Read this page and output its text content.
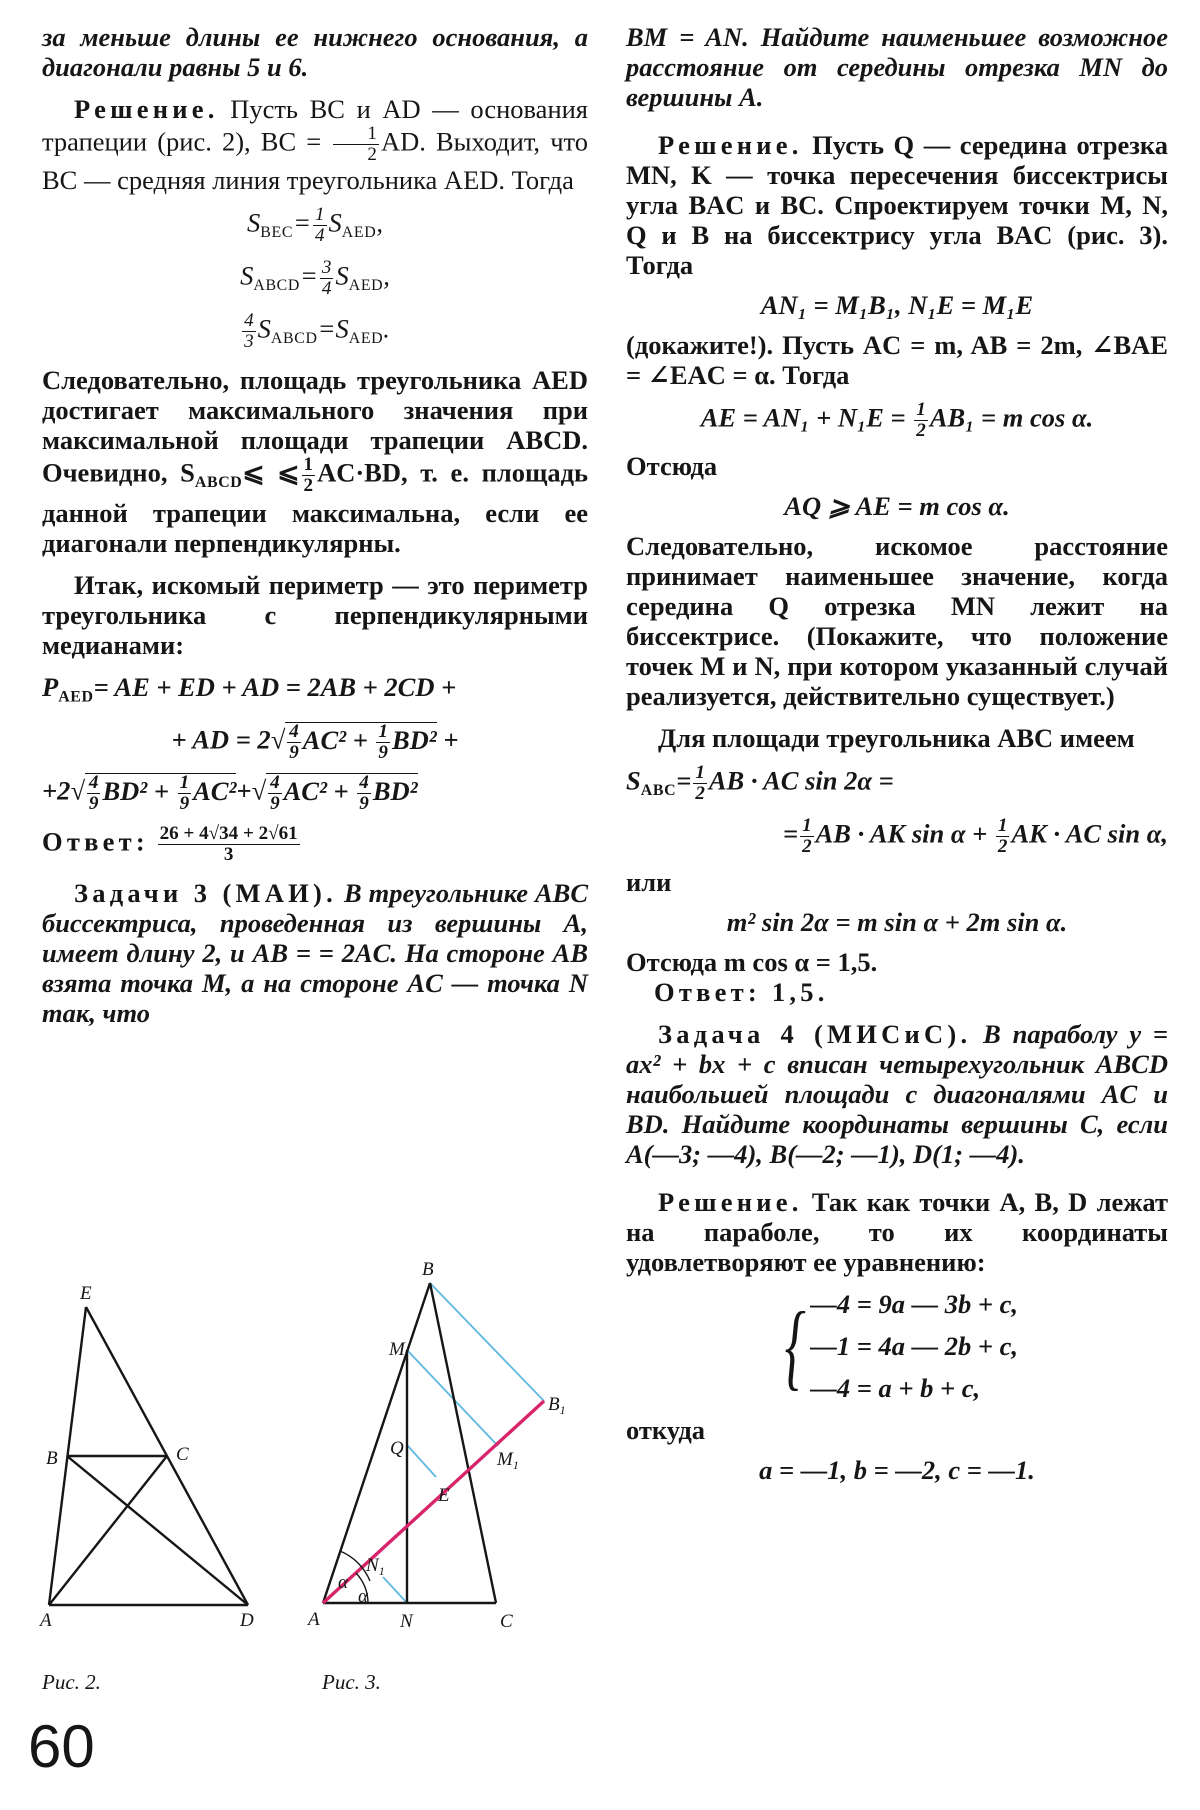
за меньше длины ее нижнего основания, а диагонали равны 5 и 6.

Решение. Пусть BC и AD — основания трапеции (рис. 2), BC = $\frac{1}{2}$ AD. Выходит, что BC — средняя линия треугольника AED. Тогда

$S_{BEC}= \frac{1}{4} S_{AED}$,

$S_{ABCD}= \frac{3}{4} S_{AED}$,

$\frac{4}{3} S_{ABCD}=S_{AED}$.

Следовательно, площадь треугольника AED достигает максимального значения при максимальной площади трапеции ABCD. Очевидно, $S_{ABCD}⩽$ ⩽ $\frac{1}{2} AC\cdot BD$, т. е. площадь данной трапеции максимальна, если ее диагонали перпендикулярны.

Итак, искомый периметр — это периметр треугольника с перпендикулярными медианами:

$P_{AED}=$ AE + ED + AD = 2AB + 2CD +

+ AD = $2√ \frac{4}{9} AC^2 + \frac{1}{9} BD^2$ +

$+2√ \frac{4}{9} BD^2 + \frac{1}{9} AC^2+√ \frac{4}{9} AC^2 + \frac{4}{9} BD^2$

Ответ: $\frac{26 + 4√34 + 2√61}{3}$

Задачи 3 (МАИ). В треугольнике ABC биссектриса, проведенная из вершины A, имеет длину 2, и AB = = 2AC. На стороне AB взята точка M, а на стороне AC — точка N так, что

BM = AN. Найдите наименьшее возможное расстояние от середины отрезка MN до вершины A.

Решение. Пусть Q — середина отрезка MN, K — точка пересечения биссектрисы угла BAC и BC. Спроектируем точки M, N, Q и B на биссектрису угла BAC (рис. 3). Тогда

AN₁ = M₁B₁, N₁E = M₁E

(докажите!). Пусть AC = m, AB = 2m, ∠BAE = ∠EAC = α. Тогда

AE = $AN_1 + N_1E = \frac{1}{2} AB_1 = m$ cos α.

Отсюда

AQ ⩾ AE = m cos α.

Следовательно, искомое расстояние принимает наименьшее значение, когда середина Q отрезка MN лежит на биссектрисе. (Покажите, что положение точек M и N, при котором указанный случай реализуется, действительно существует.)

Для площади треугольника ABC имеем

$S_{ABC}= \frac{1}{2}$ AB · AC sin 2α =

= $\frac{1}{2}$ AB · AK $\sin \alpha + \frac{1}{2}$ AK · AC sin α,

или

m² sin 2α = m sin α + 2m sin α.

Отсюда m cos α = 1,5.

Ответ: 1,5.

Задача 4 (МИСиС). В параболу y = ax² + bx + c вписан четырехугольник ABCD наибольшей площади с диагоналями AC и BD. Найдите координаты вершины C, если A(—3; —4), B(—2; —1), D(1; —4).

Решение. Так как точки A, B, D лежат на параболе, то их координаты удовлетворяют ее уравнению:

{ —4 = 9a — 3b + c,
—1 = 4a — 2b + c,
—4 = a + b + c,

откуда

a = —1, b = —2, c = —1.

E
B	C
A	D
Рис. 2.
B
M
Q
$B_1$
$M_1$
E
$N_1$
α
α
A	N	C
Рис. 3.
60
